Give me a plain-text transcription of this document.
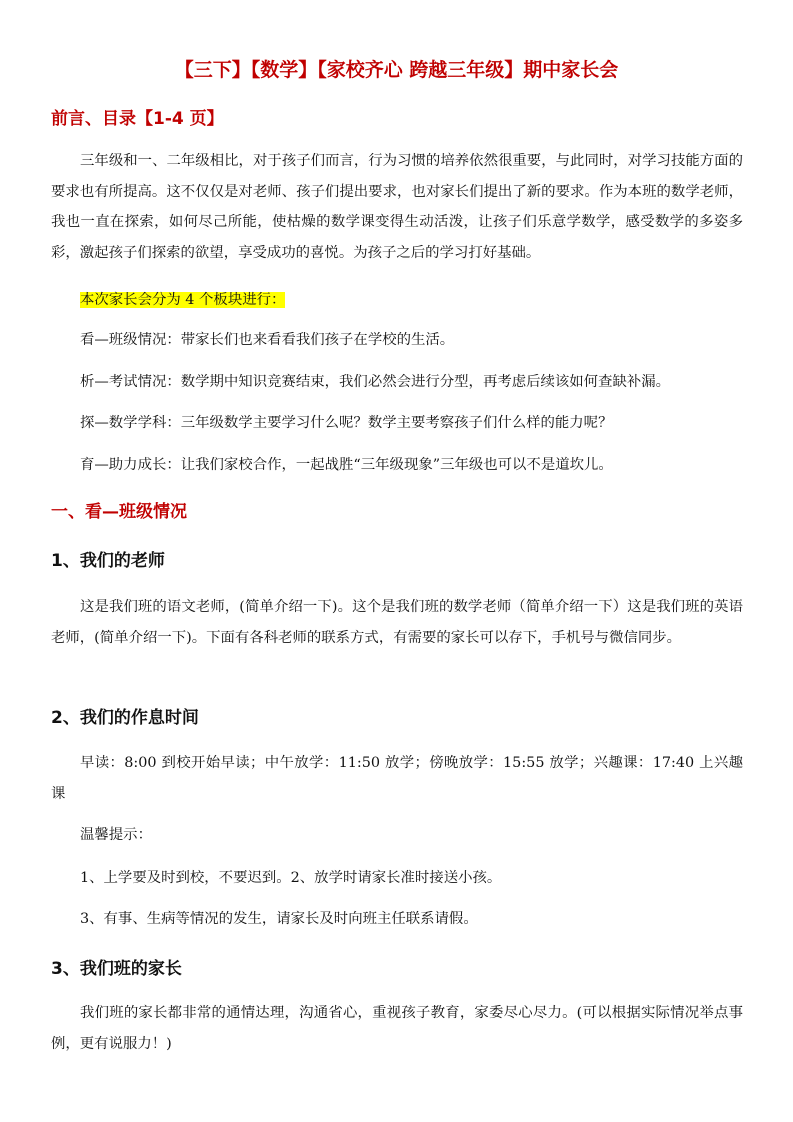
【三下】【数学】【家校齐心 跨越三年级】期中家长会
前言、目录【1-4 页】

三年级和一、二年级相比，对于孩子们而言，行为习惯的培养依然很重要，与此同时，对学习技能方面的要求也有所提高。这不仅仅是对老师、孩子们提出要求，也对家长们提出了新的要求。作为本班的数学老师，我也一直在探索，如何尽己所能，使枯燥的数学课变得生动活泼，让孩子们乐意学数学，感受数学的多姿多彩，激起孩子们探索的欲望，享受成功的喜悦。为孩子之后的学习打好基础。

本次家长会分为 4 个板块进行：

看—班级情况：带家长们也来看看我们孩子在学校的生活。

析—考试情况：数学期中知识竞赛结束，我们必然会进行分型，再考虑后续该如何查缺补漏。

探—数学学科：三年级数学主要学习什么呢？数学主要考察孩子们什么样的能力呢？

育—助力成长：让我们家校合作，一起战胜“三年级现象”三年级也可以不是道坎儿。

一、看—班级情况
1、我们的老师

这是我们班的语文老师，(简单介绍一下)。这个是我们班的数学老师（简单介绍一下）这是我们班的英语老师，(简单介绍一下)。下面有各科老师的联系方式，有需要的家长可以存下，手机号与微信同步。

2、我们的作息时间

早读：8:00 到校开始早读；中午放学：11:50 放学；傍晚放学：15:55 放学；兴趣课：17:40 上兴趣课

温馨提示：

1、上学要及时到校，不要迟到。2、放学时请家长准时接送小孩。

3、有事、生病等情况的发生，请家长及时向班主任联系请假。

3、我们班的家长

我们班的家长都非常的通情达理，沟通省心，重视孩子教育，家委尽心尽力。(可以根据实际情况举点事例，更有说服力！)
